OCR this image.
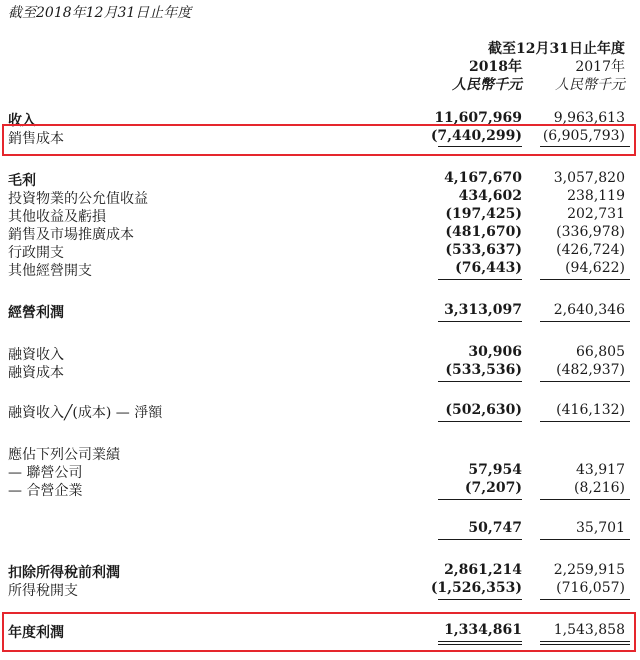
截至2018年12月31日止年度
截至12月31日止年度
2018年	2017年
人民幣千元 人民幣千元
收入	11,607,969 9,963,613
銷售成本	(7,440,299) (6,905,793)
毛利	4,167,670 3,057,820
投資物業的公允值收益	434,602	238,119
其他收益及虧損	(197,425)	202,731
銷售及市場推廣成本	(481,670) (336,978)
行政開支	(533,637) (426,724)
其他經營開支	(76,443)	(94,622)
經營利潤	3,313,097 2,640,346
融資收入	30,906	66,805
融資成本	(533,536) (482,937)
融資收入╱(成本) — 淨額	(502,630) (416,132)
應佔下列公司業績
— 聯營公司	57,954	43,917
— 合營企業	(7,207)	(8,216)
50,747	35,701
扣除所得稅前利潤	2,861,214 2,259,915
所得稅開支	(1,526,353) (716,057)
年度利潤	1,334,861 1,543,858
